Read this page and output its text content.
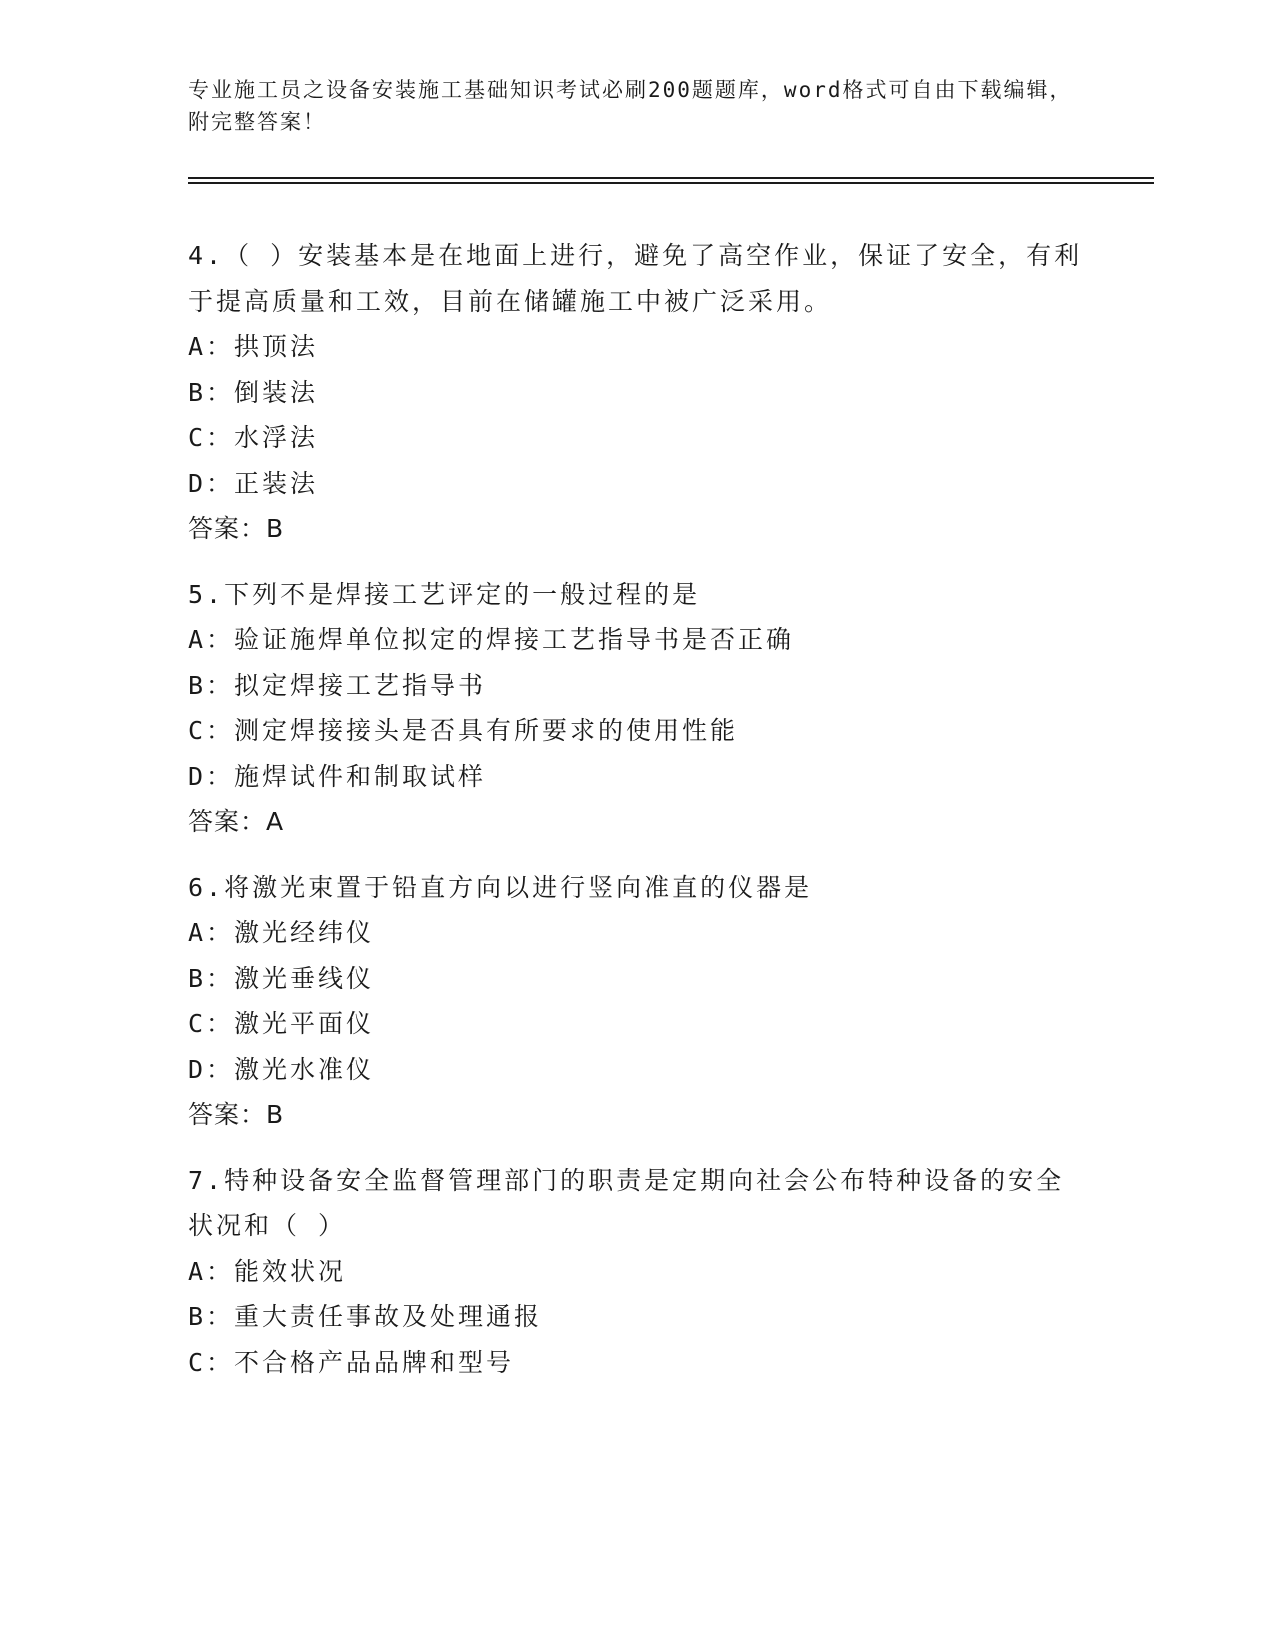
专业施工员之设备安装施工基础知识考试必刷200题题库，word格式可自由下载编辑，附完整答案！

4.（ ）安装基本是在地面上进行，避免了高空作业，保证了安全，有利于提高质量和工效，目前在储罐施工中被广泛采用。

A：拱顶法

B：倒装法

C：水浮法

D：正装法

答案：B

5.下列不是焊接工艺评定的一般过程的是

A：验证施焊单位拟定的焊接工艺指导书是否正确

B：拟定焊接工艺指导书

C：测定焊接接头是否具有所要求的使用性能

D：施焊试件和制取试样

答案：A

6.将激光束置于铅直方向以进行竖向准直的仪器是

A：激光经纬仪

B：激光垂线仪

C：激光平面仪

D：激光水准仪

答案：B

7.特种设备安全监督管理部门的职责是定期向社会公布特种设备的安全状况和（ ）

A：能效状况

B：重大责任事故及处理通报

C：不合格产品品牌和型号
